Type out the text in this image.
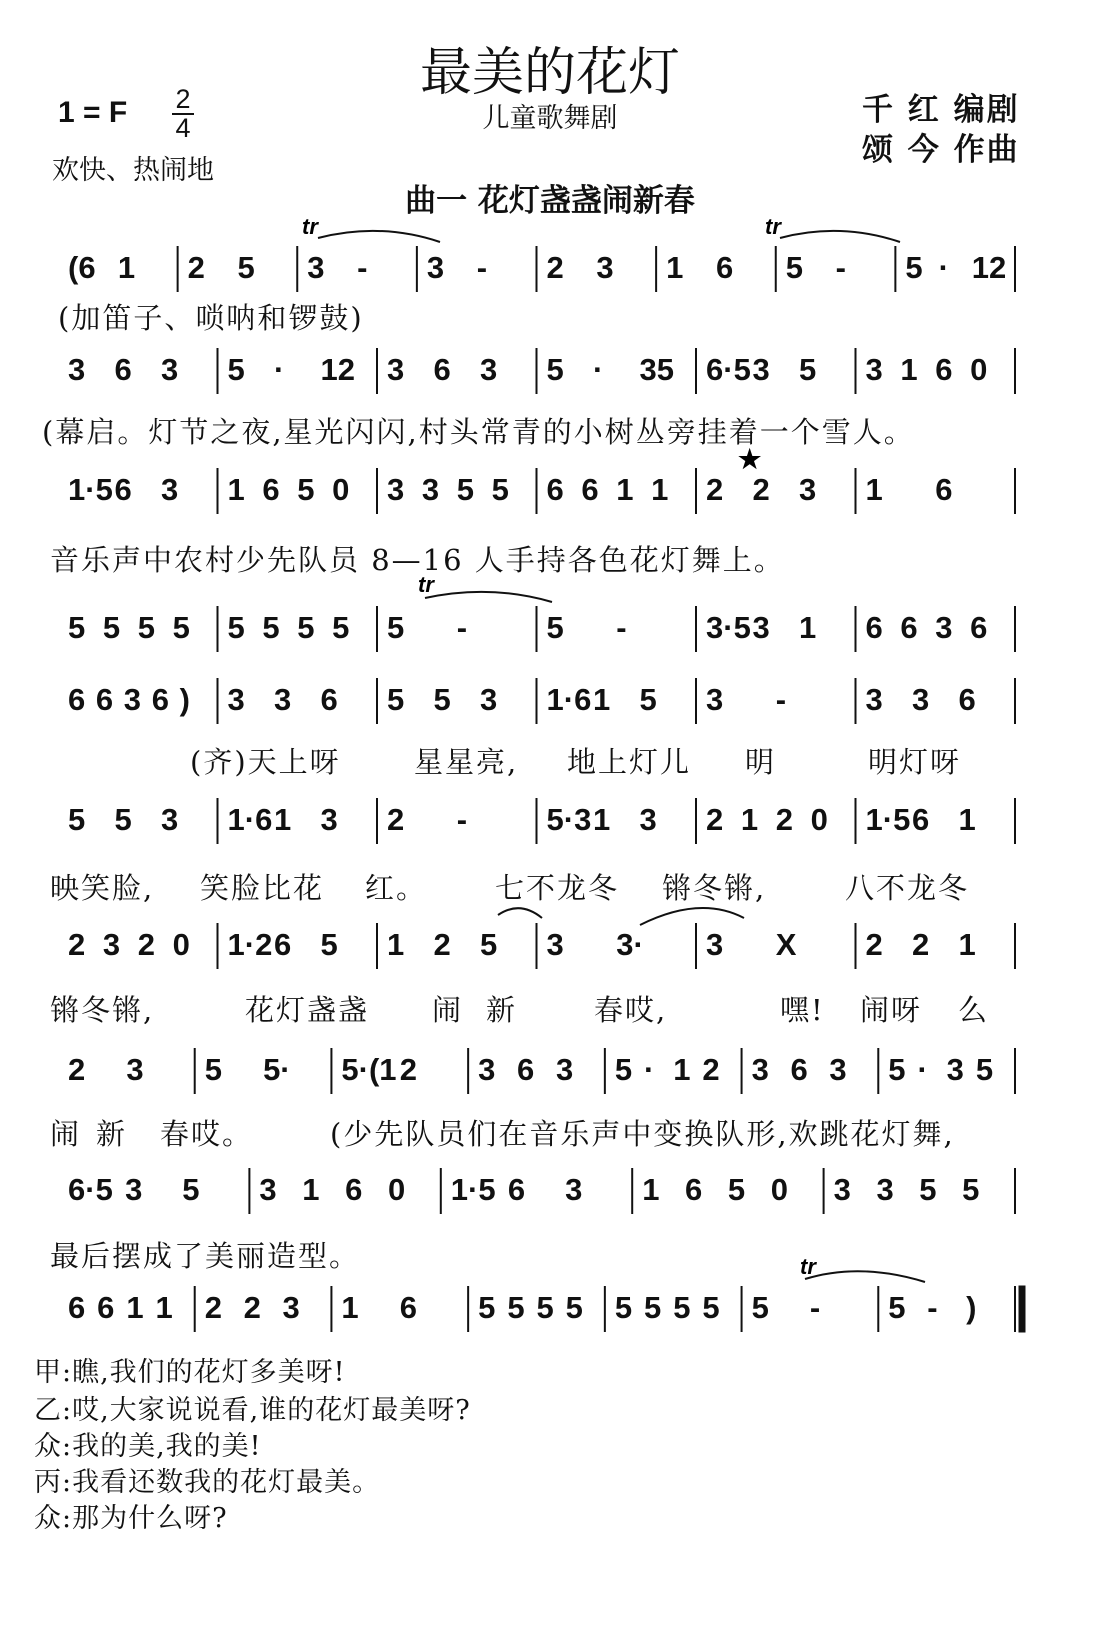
最美的花灯
1 = F 2
4	儿童歌舞剧
欢快、热闹地
千 红 编剧
颂 今 作曲
曲一 花灯盏盏闹新春
(6 1 2 5 3 - 3 - 2 3 1 6 5 - 5 · 12
3 6 3 5 · 12 3 6 3 5 · 35 6·5 3 5 3 1 6 0
1·5 6 3 1 6 5 0 3 3 5 5 6 6 1 1 2 2 3 1 6
5 5 5 5 5 5 5 5 5 -	5 -	3·5 3 1 6 6 3 6
6 6 3 6 ) 3 3 6 5 5 3 1·6 1 5 3 -	3 3 6
5 5 3 1·6 1 3 2 -	5·3 1 3 2 1 2 0 1·5 6 1
2 3 2 0 1·2 6 5 1 2 5 3 3· 3 X 2 2 1
2 3 5 5· 5·(1 2 3 6 3 5 · 1 2 3 6 3 5 · 3 5
6·5 3 5 3 1 6 0 1·5 6 3 1 6 5 0 3 3 5 5
6 6 1 1 2 2 3 1 6 5 5 5 5 5 5 5 5 5 - 5 - )
tr	tr
tr
tr
★
(加笛子、唢呐和锣鼓)
(幕启。灯节之夜,星光闪闪,村头常青的小树丛旁挂着一个雪人。
音乐声中农村少先队员 8—16 人手持各色花灯舞上。
(齐)天上呀	星星亮, 地上灯儿 明	明灯呀
映笑脸, 笑脸比花 红。 七不龙冬 锵冬锵,	八不龙冬
锵冬锵,	花灯盏盏 闹 新	春哎,	嘿! 闹呀 么
闹 新 春哎。	(少先队员们在音乐声中变换队形,欢跳花灯舞,
最后摆成了美丽造型。
甲:瞧,我们的花灯多美呀!
乙:哎,大家说说看,谁的花灯最美呀?
众:我的美,我的美!
丙:我看还数我的花灯最美。
众:那为什么呀?
